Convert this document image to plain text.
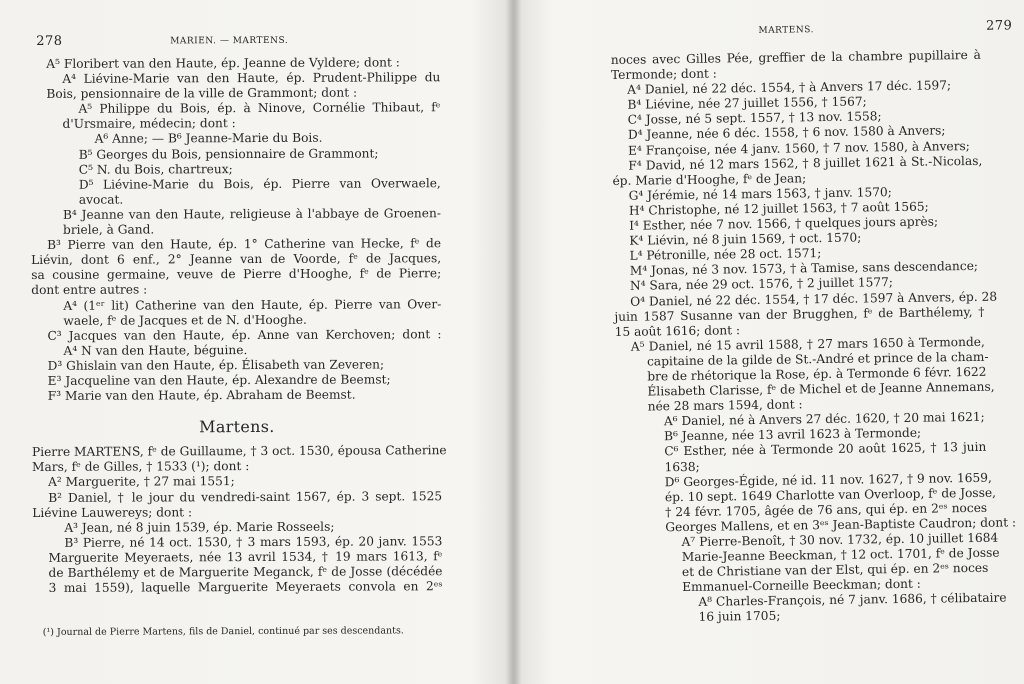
278	MARIEN. — MARTENS.
A⁵ Floribert van den Haute, ép. Jeanne de Vyldere; dont :
A⁴ Liévine-Marie van den Haute, ép. Prudent-Philippe du
Bois, pensionnaire de la ville de Grammont; dont :
A⁵ Philippe du Bois, ép. à Ninove, Cornélie Thibaut, fᵉ
d'Ursmaire, médecin; dont :
A⁶ Anne; — B⁶ Jeanne-Marie du Bois.
B⁵ Georges du Bois, pensionnaire de Grammont;
C⁵ N. du Bois, chartreux;
D⁵ Liévine-Marie du Bois, ép. Pierre van Overwaele,
avocat.
B⁴ Jeanne van den Haute, religieuse à l'abbaye de Groenen-
briele, à Gand.
B³ Pierre van den Haute, ép. 1° Catherine van Hecke, fᵉ de
Liévin, dont 6 enf., 2° Jeanne van de Voorde, fᵉ de Jacques,
sa cousine germaine, veuve de Pierre d'Hooghe, fᵉ de Pierre;
dont entre autres :
A⁴ (1ᵉʳ lit) Catherine van den Haute, ép. Pierre van Over-
waele, fᵉ de Jacques et de N. d'Hooghe.
C³ Jacques van den Haute, ép. Anne van Kerchoven; dont :
A⁴ N van den Haute, béguine.
D³ Ghislain van den Haute, ép. Élisabeth van Zeveren;
E³ Jacqueline van den Haute, ép. Alexandre de Beemst;
F³ Marie van den Haute, ép. Abraham de Beemst.
Martens.
Pierre MARTENS, fᵉ de Guillaume, † 3 oct. 1530, épousa Catherine
Mars, fᵉ de Gilles, † 1533 (¹); dont :
A² Marguerite, † 27 mai 1551;
B² Daniel, † le jour du vendredi-saint 1567, ép. 3 sept. 1525
Liévine Lauwereys; dont :
A³ Jean, né 8 juin 1539, ép. Marie Rosseels;
B³ Pierre, né 14 oct. 1530, † 3 mars 1593, ép. 20 janv. 1553
Marguerite Meyeraets, née 13 avril 1534, † 19 mars 1613, fᵉ
de Barthélemy et de Marguerite Meganck, fᵉ de Josse (décédée
3 mai 1559), laquelle Marguerite Meyeraets convola en 2ᵉˢ
(¹) Journal de Pierre Martens, fils de Daniel, continué par ses descendants.
MARTENS.	279
noces avec Gilles Pée, greffier de la chambre pupillaire à
Termonde; dont :
A⁴ Daniel, né 22 déc. 1554, † à Anvers 17 déc. 1597;
B⁴ Liévine, née 27 juillet 1556, † 1567;
C⁴ Josse, né 5 sept. 1557, † 13 nov. 1558;
D⁴ Jeanne, née 6 déc. 1558, † 6 nov. 1580 à Anvers;
E⁴ Françoise, née 4 janv. 1560, † 7 nov. 1580, à Anvers;
F⁴ David, né 12 mars 1562, † 8 juillet 1621 à St.-Nicolas,
ép. Marie d'Hooghe, fᵉ de Jean;
G⁴ Jérémie, né 14 mars 1563, † janv. 1570;
H⁴ Christophe, né 12 juillet 1563, † 7 août 1565;
I⁴ Esther, née 7 nov. 1566, † quelques jours après;
K⁴ Liévin, né 8 juin 1569, † oct. 1570;
L⁴ Pétronille, née 28 oct. 1571;
M⁴ Jonas, né 3 nov. 1573, † à Tamise, sans descendance;
N⁴ Sara, née 29 oct. 1576, † 2 juillet 1577;
O⁴ Daniel, né 22 déc. 1554, † 17 déc. 1597 à Anvers, ép. 28
juin 1587 Susanne van der Brugghen, fᵉ de Barthélemy, †
15 août 1616; dont :
A⁵ Daniel, né 15 avril 1588, † 27 mars 1650 à Termonde,
capitaine de la gilde de St.-André et prince de la cham-
bre de rhétorique la Rose, ép. à Termonde 6 févr. 1622
Élisabeth Clarisse, fᵉ de Michel et de Jeanne Annemans,
née 28 mars 1594, dont :
A⁶ Daniel, né à Anvers 27 déc. 1620, † 20 mai 1621;
B⁶ Jeanne, née 13 avril 1623 à Termonde;
C⁶ Esther, née à Termonde 20 août 1625, † 13 juin
1638;
D⁶ Georges-Égide, né id. 11 nov. 1627, † 9 nov. 1659,
ép. 10 sept. 1649 Charlotte van Overloop, fᵉ de Josse,
† 24 févr. 1705, âgée de 76 ans, qui ép. en 2ᵉˢ noces
Georges Mallens, et en 3ᵉˢ Jean-Baptiste Caudron; dont :
A⁷ Pierre-Benoît, † 30 nov. 1732, ép. 10 juillet 1684
Marie-Jeanne Beeckman, † 12 oct. 1701, fᵉ de Josse
et de Christiane van der Elst, qui ép. en 2ᵉˢ noces
Emmanuel-Corneille Beeckman; dont :
A⁸ Charles-François, né 7 janv. 1686, † célibataire
16 juin 1705;
